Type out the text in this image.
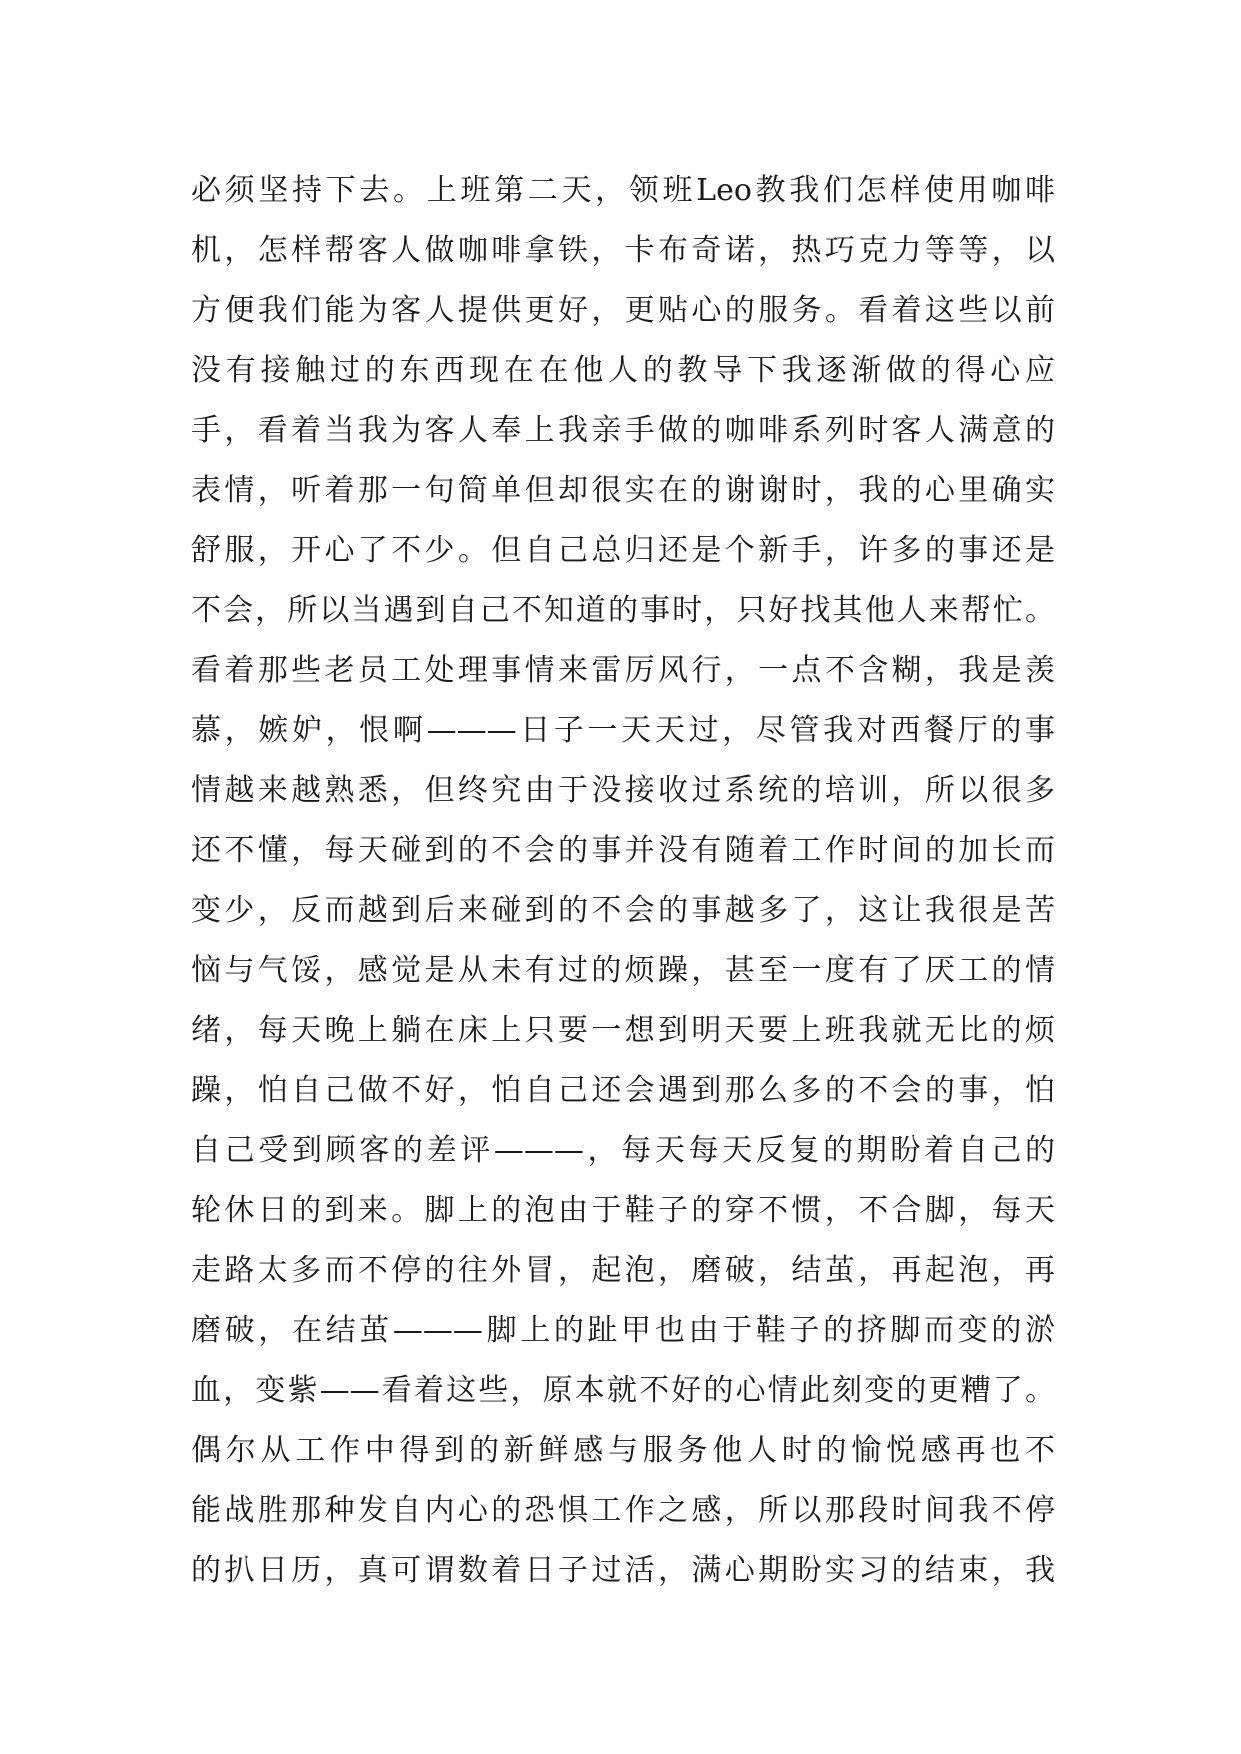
必须坚持下去。上班第二天，领班Leo教我们怎样使用咖啡
机，怎样帮客人做咖啡拿铁，卡布奇诺，热巧克力等等，以
方便我们能为客人提供更好，更贴心的服务。看着这些以前
没有接触过的东西现在在他人的教导下我逐渐做的得心应
手，看着当我为客人奉上我亲手做的咖啡系列时客人满意的
表情，听着那一句简单但却很实在的谢谢时，我的心里确实
舒服，开心了不少。但自己总归还是个新手，许多的事还是
不会，所以当遇到自己不知道的事时，只好找其他人来帮忙。
看着那些老员工处理事情来雷厉风行，一点不含糊，我是羡
慕，嫉妒，恨啊———日子一天天过，尽管我对西餐厅的事
情越来越熟悉，但终究由于没接收过系统的培训，所以很多
还不懂，每天碰到的不会的事并没有随着工作时间的加长而
变少，反而越到后来碰到的不会的事越多了，这让我很是苦
恼与气馁，感觉是从未有过的烦躁，甚至一度有了厌工的情
绪，每天晚上躺在床上只要一想到明天要上班我就无比的烦
躁，怕自己做不好，怕自己还会遇到那么多的不会的事，怕
自己受到顾客的差评———，每天每天反复的期盼着自己的
轮休日的到来。脚上的泡由于鞋子的穿不惯，不合脚，每天
走路太多而不停的往外冒，起泡，磨破，结茧，再起泡，再
磨破，在结茧———脚上的趾甲也由于鞋子的挤脚而变的淤
血，变紫——看着这些，原本就不好的心情此刻变的更糟了。
偶尔从工作中得到的新鲜感与服务他人时的愉悦感再也不
能战胜那种发自内心的恐惧工作之感，所以那段时间我不停
的扒日历，真可谓数着日子过活，满心期盼实习的结束，我
